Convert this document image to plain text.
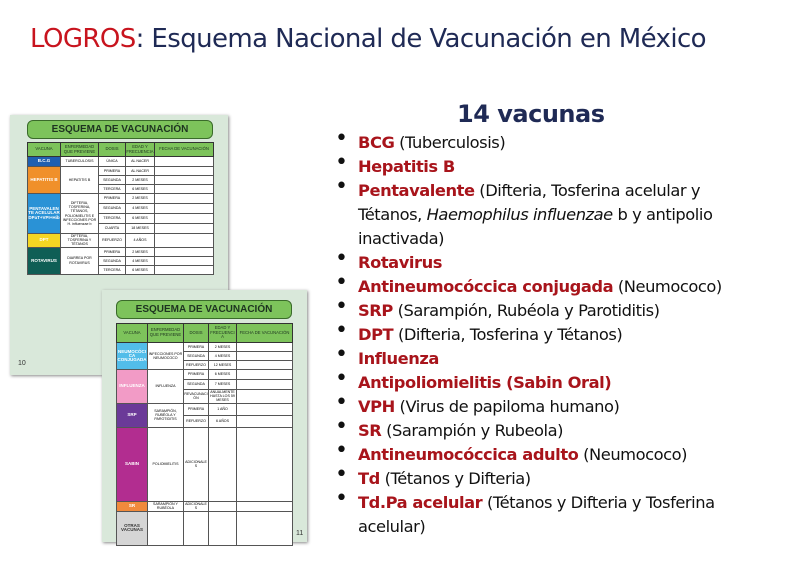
LOGROS: Esquema Nacional de Vacunación en México
ESQUEMA DE VACUNACIÓN
VACUNA	ENFERMEDAD QUE PREVIENE	DOSIS	EDAD Y FRECUENCIA	FECHA DE VACUNACIÓN
B.C.G	TUBERCULOSIS	ÚNICA	AL NACER	
HEPATITIS B	HEPATITIS B	PRIMERA	AL NACER	
		SEGUNDA	2 MESES	
		TERCERA	6 MESES	
PENTAVALENTE ACELULAR DPaT+VPI+Hib	DIFTERIA, TOSFERINA, TÉTANOS, POLIOMIELITIS E INFECCIONES POR H. influenzae b	PRIMERA	2 MESES	
		SEGUNDA	4 MESES	
		TERCERA	6 MESES	
		CUARTA	18 MESES	
DPT	DIFTERIA, TOSFERINA Y TÉTANOS	REFUERZO	4 AÑOS	
ROTAVIRUS	DIARREA POR ROTAVIRUS	PRIMERA	2 MESES	
		SEGUNDA	4 MESES	
		TERCERA	6 MESES	
10
ESQUEMA DE VACUNACIÓN
VACUNA	ENFERMEDAD QUE PREVIENE	DOSIS	EDAD Y FRECUENCIA	FECHA DE VACUNACIÓN
NEUMOCÓCICA CONJUGADA	INFECCIONES POR NEUMOCOCO	PRIMERA	2 MESES	
		SEGUNDA	4 MESES	
		REFUERZO	12 MESES	
INFLUENZA	INFLUENZA	PRIMERA	6 MESES	
		SEGUNDA	7 MESES	
		REVACUNACIÓN	ANUALMENTE HASTA LOS 59 MESES	
SRP	SARAMPIÓN, RUBÉOLA Y PAROTIDITIS	PRIMERA	1 AÑO	
		REFUERZO	6 AÑOS	
SABIN	POLIOMIELITIS	ADICIONALES		
SR	SARAMPIÓN Y RUBÉOLA	ADICIONALES		
OTRAS VACUNAS				
11
14 vacunas
• BCG (Tuberculosis)
• Hepatitis B
• Pentavalente (Difteria, Tosferina acelular y Tétanos, Haemophilus influenzae b y antipolio inactivada)
• Rotavirus
• Antineumocóccica conjugada (Neumococo)
• SRP (Sarampión, Rubéola y Parotiditis)
• DPT (Difteria, Tosferina y Tétanos)
• Influenza
• Antipoliomielitis (Sabin Oral)
• VPH (Virus de papiloma humano)
• SR (Sarampión y Rubeola)
• Antineumocóccica adulto (Neumococo)
• Td (Tétanos y Difteria)
• Td.Pa acelular (Tétanos y Difteria y Tosferina acelular)
